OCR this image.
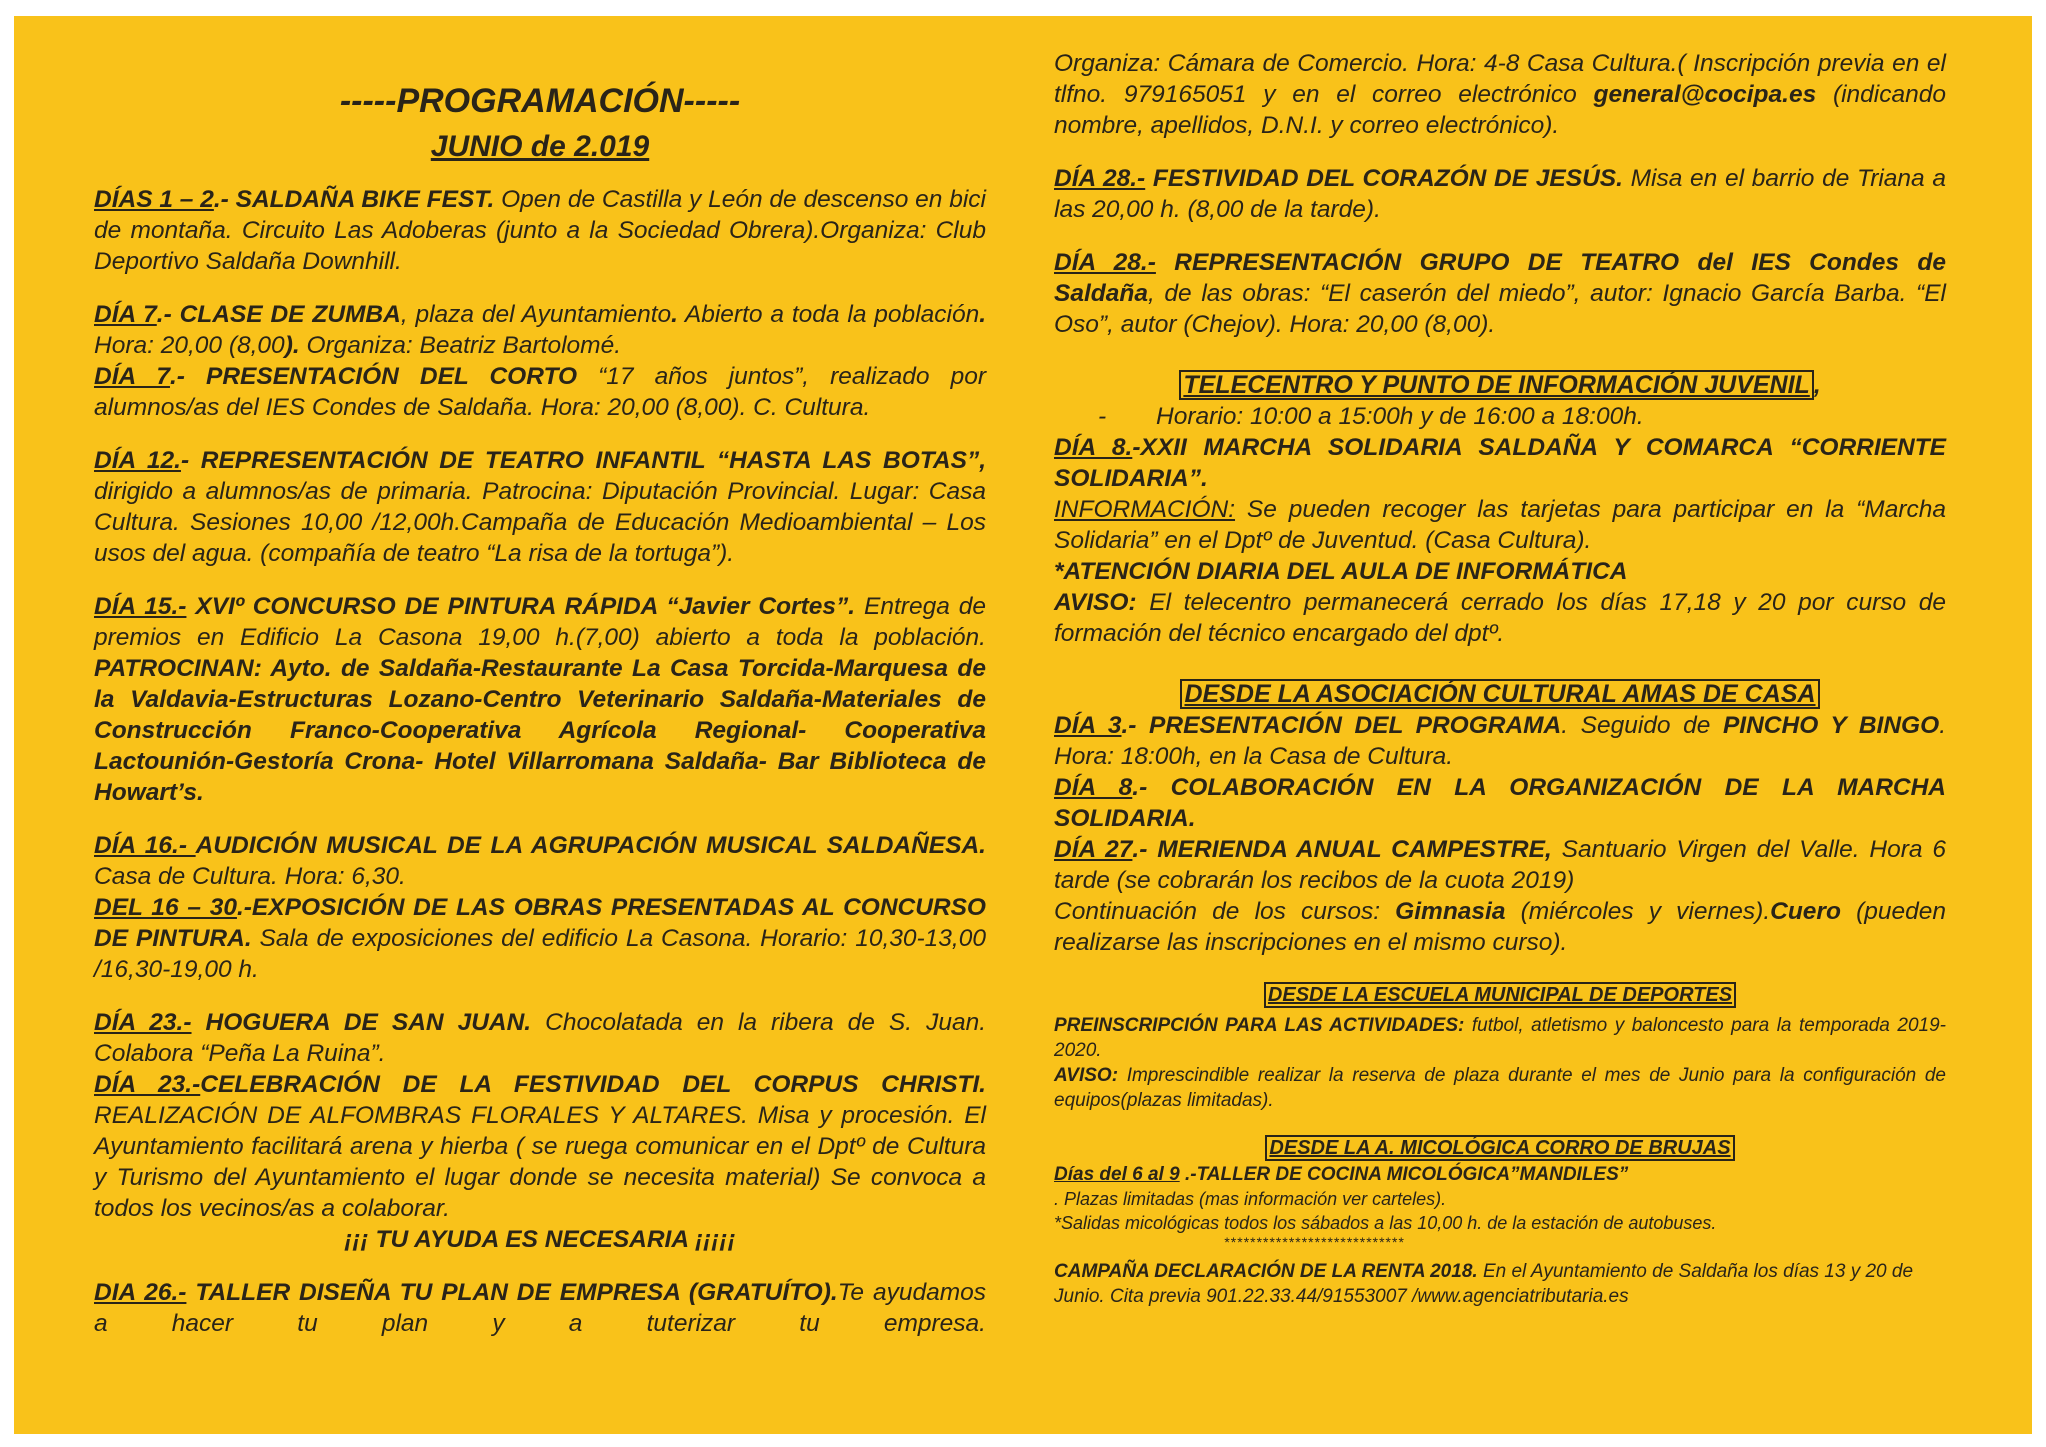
-----PROGRAMACIÓN-----

JUNIO de 2.019

DÍAS 1 – 2.- SALDAÑA BIKE FEST. Open de Castilla y León de descenso en bici de montaña. Circuito Las Adoberas (junto a la Sociedad Obrera).Organiza: Club Deportivo Saldaña Downhill.

DÍA 7.- CLASE DE ZUMBA, plaza del Ayuntamiento. Abierto a toda la población. Hora: 20,00 (8,00). Organiza: Beatriz Bartolomé.

DÍA 7.- PRESENTACIÓN DEL CORTO “17 años juntos”, realizado por alumnos/as del IES Condes de Saldaña. Hora: 20,00 (8,00). C. Cultura.

DÍA 12.- REPRESENTACIÓN DE TEATRO INFANTIL “HASTA LAS BOTAS”, dirigido a alumnos/as de primaria. Patrocina: Diputación Provincial. Lugar: Casa Cultura. Sesiones 10,00 /12,00h.Campaña de Educación Medioambiental – Los usos del agua. (compañía de teatro “La risa de la tortuga”).

DÍA 15.- XVIº CONCURSO DE PINTURA RÁPIDA “Javier Cortes”. Entrega de premios en Edificio La Casona 19,00 h.(7,00) abierto a toda la población. PATROCINAN: Ayto. de Saldaña-Restaurante La Casa Torcida-Marquesa de la Valdavia-Estructuras Lozano-Centro Veterinario Saldaña-Materiales de Construcción Franco-Cooperativa Agrícola Regional- Cooperativa Lactounión-Gestoría Crona- Hotel Villarromana Saldaña- Bar Biblioteca de Howart’s.

DÍA 16.- AUDICIÓN MUSICAL DE LA AGRUPACIÓN MUSICAL SALDAÑESA. Casa de Cultura. Hora: 6,30.

DEL 16 – 30.-EXPOSICIÓN DE LAS OBRAS PRESENTADAS AL CONCURSO DE PINTURA. Sala de exposiciones del edificio La Casona. Horario: 10,30-13,00 /16,30-19,00 h.

DÍA 23.- HOGUERA DE SAN JUAN. Chocolatada en la ribera de S. Juan. Colabora “Peña La Ruina”.

DÍA 23.-CELEBRACIÓN DE LA FESTIVIDAD DEL CORPUS CHRISTI. REALIZACIÓN DE ALFOMBRAS FLORALES Y ALTARES. Misa y procesión. El Ayuntamiento facilitará arena y hierba ( se ruega comunicar en el Dptº de Cultura y Turismo del Ayuntamiento el lugar donde se necesita material) Se convoca a todos los vecinos/as a colaborar.

¡¡¡ TU AYUDA ES NECESARIA ¡¡¡¡¡

DIA 26.- TALLER DISEÑA TU PLAN DE EMPRESA (GRATUÍTO).Te ayudamos a hacer tu plan y a tuterizar tu empresa.

Organiza: Cámara de Comercio. Hora: 4-8 Casa Cultura.( Inscripción previa en el tlfno. 979165051 y en el correo electrónico general@cocipa.es (indicando nombre, apellidos, D.N.I. y correo electrónico).

DÍA 28.- FESTIVIDAD DEL CORAZÓN DE JESÚS. Misa en el barrio de Triana a las 20,00 h. (8,00 de la tarde).

DÍA 28.- REPRESENTACIÓN GRUPO DE TEATRO del IES Condes de Saldaña, de las obras: “El caserón del miedo”, autor: Ignacio García Barba. “El Oso”, autor (Chejov). Hora: 20,00 (8,00).

TELECENTRO Y PUNTO DE INFORMACIÓN JUVENIL ,

- Horario: 10:00 a 15:00h y de 16:00 a 18:00h.

DÍA 8.-XXII MARCHA SOLIDARIA SALDAÑA Y COMARCA “CORRIENTE SOLIDARIA”.

INFORMACIÓN: Se pueden recoger las tarjetas para participar en la “Marcha Solidaria” en el Dptº de Juventud. (Casa Cultura).

*ATENCIÓN DIARIA DEL AULA DE INFORMÁTICA

AVISO: El telecentro permanecerá cerrado los días 17,18 y 20 por curso de formación del técnico encargado del dptº.

DESDE LA ASOCIACIÓN CULTURAL AMAS DE CASA

DÍA 3.- PRESENTACIÓN DEL PROGRAMA. Seguido de PINCHO Y BINGO. Hora: 18:00h, en la Casa de Cultura.

DÍA 8.- COLABORACIÓN EN LA ORGANIZACIÓN DE LA MARCHA SOLIDARIA.

DÍA 27.- MERIENDA ANUAL CAMPESTRE, Santuario Virgen del Valle. Hora 6 tarde (se cobrarán los recibos de la cuota 2019)

Continuación de los cursos: Gimnasia (miércoles y viernes).Cuero (pueden realizarse las inscripciones en el mismo curso).

DESDE LA ESCUELA MUNICIPAL DE DEPORTES

PREINSCRIPCIÓN PARA LAS ACTIVIDADES: futbol, atletismo y baloncesto para la temporada 2019-2020.

AVISO: Imprescindible realizar la reserva de plaza durante el mes de Junio para la configuración de equipos(plazas limitadas).

DESDE LA A. MICOLÓGICA CORRO DE BRUJAS

Días del 6 al 9 .-TALLER DE COCINA MICOLÓGICA”MANDILES”

. Plazas limitadas (mas información ver carteles).

*Salidas micológicas todos los sábados a las 10,00 h. de la estación de autobuses.

****************************

CAMPAÑA DECLARACIÓN DE LA RENTA 2018. En el Ayuntamiento de Saldaña los días 13 y 20 de Junio. Cita previa 901.22.33.44/91553007 /www.agenciatributaria.es
